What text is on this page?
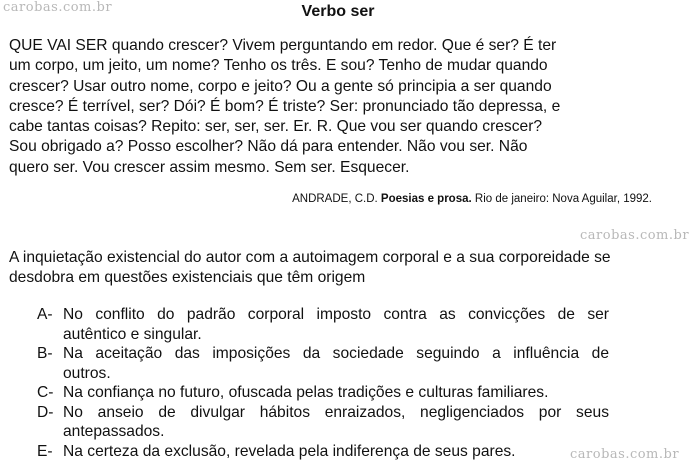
carobas.com.br
carobas.com.br
carobas.com.br
Verbo ser
QUE VAI SER quando crescer? Vivem perguntando em redor. Que é ser? É ter
um corpo, um jeito, um nome? Tenho os três. E sou? Tenho de mudar quando
crescer? Usar outro nome, corpo e jeito? Ou a gente só principia a ser quando
cresce? É terrível, ser? Dói? É bom? É triste? Ser: pronunciado tão depressa, e
cabe tantas coisas? Repito: ser, ser, ser. Er. R. Que vou ser quando crescer?
Sou obrigado a? Posso escolher? Não dá para entender. Não vou ser. Não
quero ser. Vou crescer assim mesmo. Sem ser. Esquecer.
ANDRADE, C.D. Poesias e prosa. Rio de janeiro: Nova Aguilar, 1992.
A inquietação existencial do autor com a autoimagem corporal e a sua corporeidade se
desdobra em questões existenciais que têm origem
A- No conflito do padrão corporal imposto contra as convicções de ser
autêntico e singular.
B- Na aceitação das imposições da sociedade seguindo a influência de
outros.
C- Na confiança no futuro, ofuscada pelas tradições e culturas familiares.
D- No anseio de divulgar hábitos enraizados, negligenciados por seus
antepassados.
E- Na certeza da exclusão, revelada pela indiferença de seus pares.
